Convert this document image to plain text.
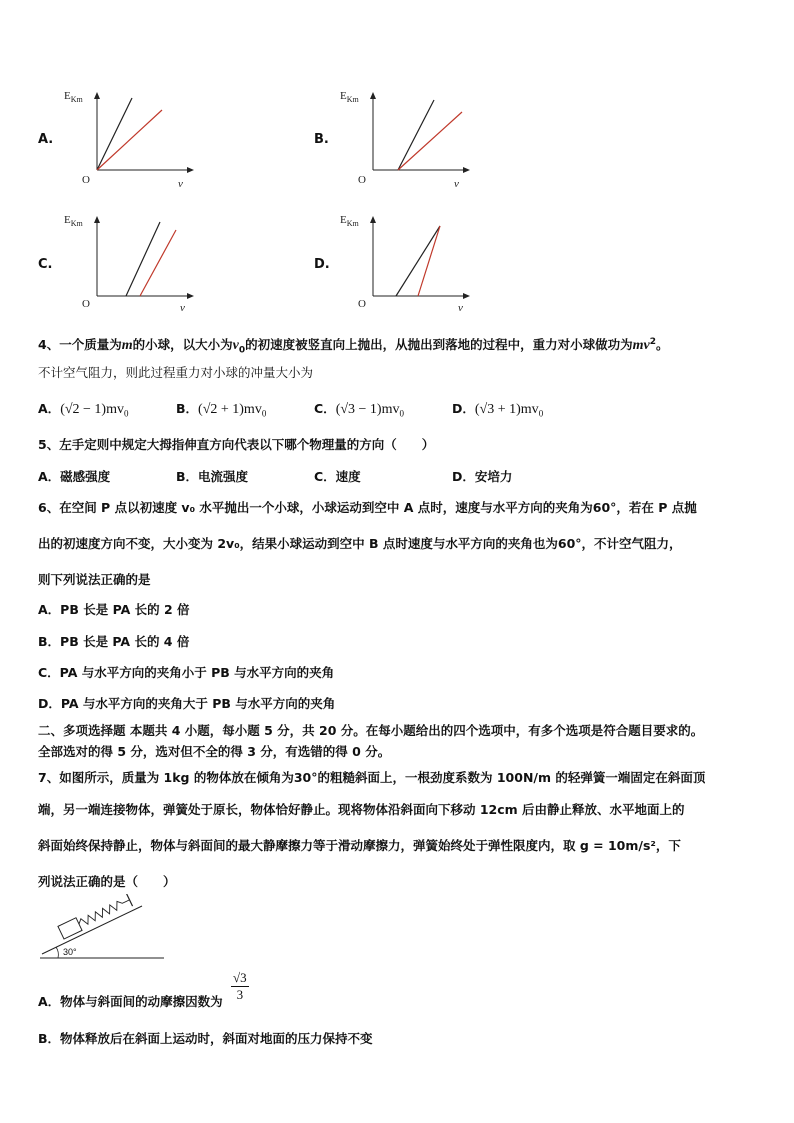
$E_{Km}$
O	v
A.
$E_{Km}$
O	v
B.
$E_{Km}$
O	v
C.
$E_{Km}$
O	v
D.
4、一个质量为m的小球，以大小为$v_0$的初速度被竖直向上抛出，从抛出到落地的过程中，重力对小球做功为$mv^2$。
不计空气阻力，则此过程重力对小球的冲量大小为
A．$(√2 - 1)mv_0$	B．$(√2 + 1)mv_0$	C．$(√3 - 1)mv_0$	D．$(√3 + 1)mv_0$
5、左手定则中规定大拇指伸直方向代表以下哪个物理量的方向（　　）
A．磁感强度	B．电流强度	C．速度	D．安培力
6、在空间 P 点以初速度 v₀ 水平抛出一个小球，小球运动到空中 A 点时，速度与水平方向的夹角为60°，若在 P 点抛
出的初速度方向不变，大小变为 2v₀，结果小球运动到空中 B 点时速度与水平方向的夹角也为60°，不计空气阻力，
则下列说法正确的是
A．PB 长是 PA 长的 2 倍
B．PB 长是 PA 长的 4 倍
C．PA 与水平方向的夹角小于 PB 与水平方向的夹角
D．PA 与水平方向的夹角大于 PB 与水平方向的夹角
二、多项选择题 本题共 4 小题，每小题 5 分，共 20 分。在每小题给出的四个选项中，有多个选项是符合题目要求的。
全部选对的得 5 分，选对但不全的得 3 分，有选错的得 0 分。
7、如图所示，质量为 1kg 的物体放在倾角为30°的粗糙斜面上，一根劲度系数为 100N/m 的轻弹簧一端固定在斜面顶
端，另一端连接物体，弹簧处于原长，物体恰好静止。现将物体沿斜面向下移动 12cm 后由静止释放、水平地面上的
斜面始终保持静止，物体与斜面间的最大静摩擦力等于滑动摩擦力，弹簧始终处于弹性限度内，取 g = 10m/s²，下
列说法正确的是（　　）
30°
A．物体与斜面间的动摩擦因数为 $\frac{√3}{3}$
B．物体释放后在斜面上运动时，斜面对地面的压力保持不变
